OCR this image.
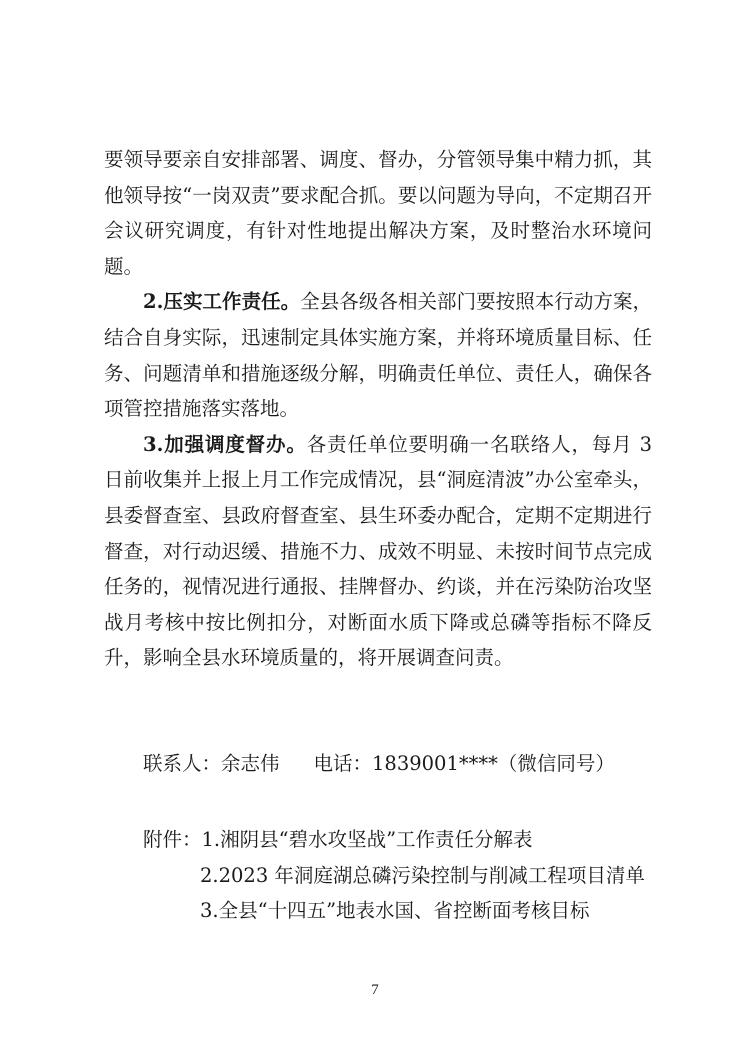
要领导要亲自安排部署、调度、督办，分管领导集中精力抓，其他领导按“一岗双责”要求配合抓。要以问题为导向，不定期召开会议研究调度，有针对性地提出解决方案，及时整治水环境问题。

2.压实工作责任。全县各级各相关部门要按照本行动方案，结合自身实际，迅速制定具体实施方案，并将环境质量目标、任务、问题清单和措施逐级分解，明确责任单位、责任人，确保各项管控措施落实落地。

3.加强调度督办。各责任单位要明确一名联络人，每月 3 日前收集并上报上月工作完成情况，县“洞庭清波”办公室牵头，县委督查室、县政府督查室、县生环委办配合，定期不定期进行督查，对行动迟缓、措施不力、成效不明显、未按时间节点完成任务的，视情况进行通报、挂牌督办、约谈，并在污染防治攻坚战月考核中按比例扣分，对断面水质下降或总磷等指标不降反升，影响全县水环境质量的，将开展调查问责。

联系人：余志伟 电话：1839001****（微信同号）
附件：1.湘阴县“碧水攻坚战”工作责任分解表
2.2023 年洞庭湖总磷污染控制与削减工程项目清单
3.全县“十四五”地表水国、省控断面考核目标
7
